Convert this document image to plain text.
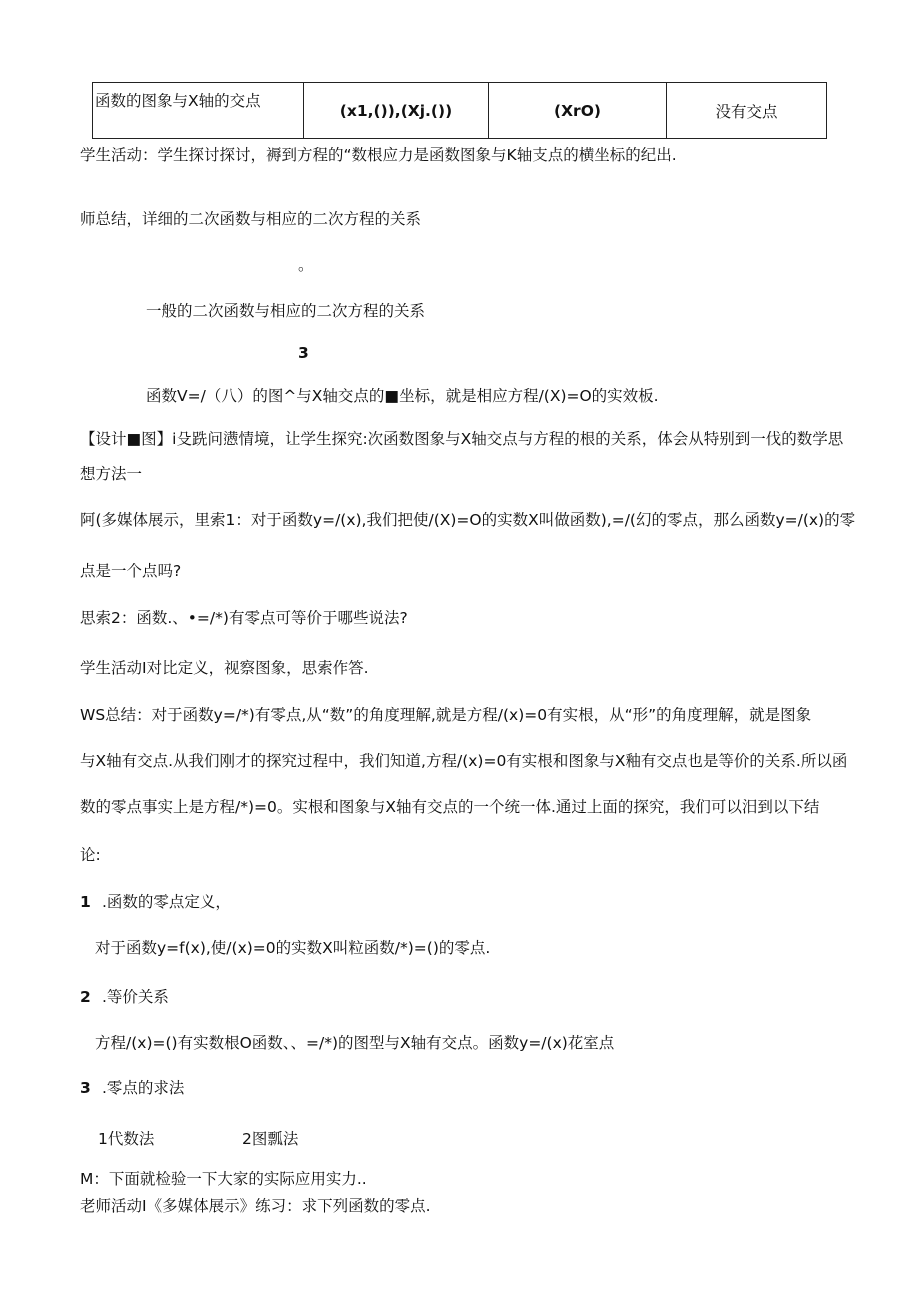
函数的图象与X轴的交点	(x1,()),(Xj.())	(XrO)	没有交点
学生活动：学生探讨探讨，褥到方程的“数根应力是函数图象与K轴支点的横坐标的纪出.
师总结，详细的二次函数与相应的二次方程的关系
。
一般的二次函数与相应的二次方程的关系
3
函数V=/（八）的图^与X轴交点的■坐标，就是相应方程/(X)=O的实效板.
【设计■图】i殳跣问懑情境，让学生探究:次函数图象与X轴交点与方程的根的关系，体会从特别到一伐的数学思
想方法一
阿(多媒体展示，里索1：对于函数y=/(x),我们把使/(X)=O的实数X叫做函数),=/(幻的零点，那么函数y=/(x)的零
点是一个点吗?
思索2：函数.、•=/*)有零点可等价于哪些说法?
学生活动I对比定义，视察图象，思索作答.
WS总结：对于函数y=/*)有零点,从“数”的角度理解,就是方程/(x)=0有实根，从“形”的角度理解，就是图象
与X轴有交点.从我们刚才的探究过程中，我们知道,方程/(x)=0有实根和图象与X釉有交点也是等价的关系.所以函
数的零点事实上是方程/*)=0。实根和图象与X轴有交点的一个统一体.通过上面的探究，我们可以汨到以下结
论:
1 .函数的零点定义，
对于函数y=f(x),使/(x)=0的实数X叫粒函数/*)=()的零点.
2 .等价关系
方程/(x)=()有实数根O函数、、=/*)的图型与X轴有交点。函数y=/(x)花室点
3 .零点的求法
1代数法	2图瓢法
M：下面就检验一下大家的实际应用实力..
老师活动I《多媒体展示》练习：求下列函数的零点.
